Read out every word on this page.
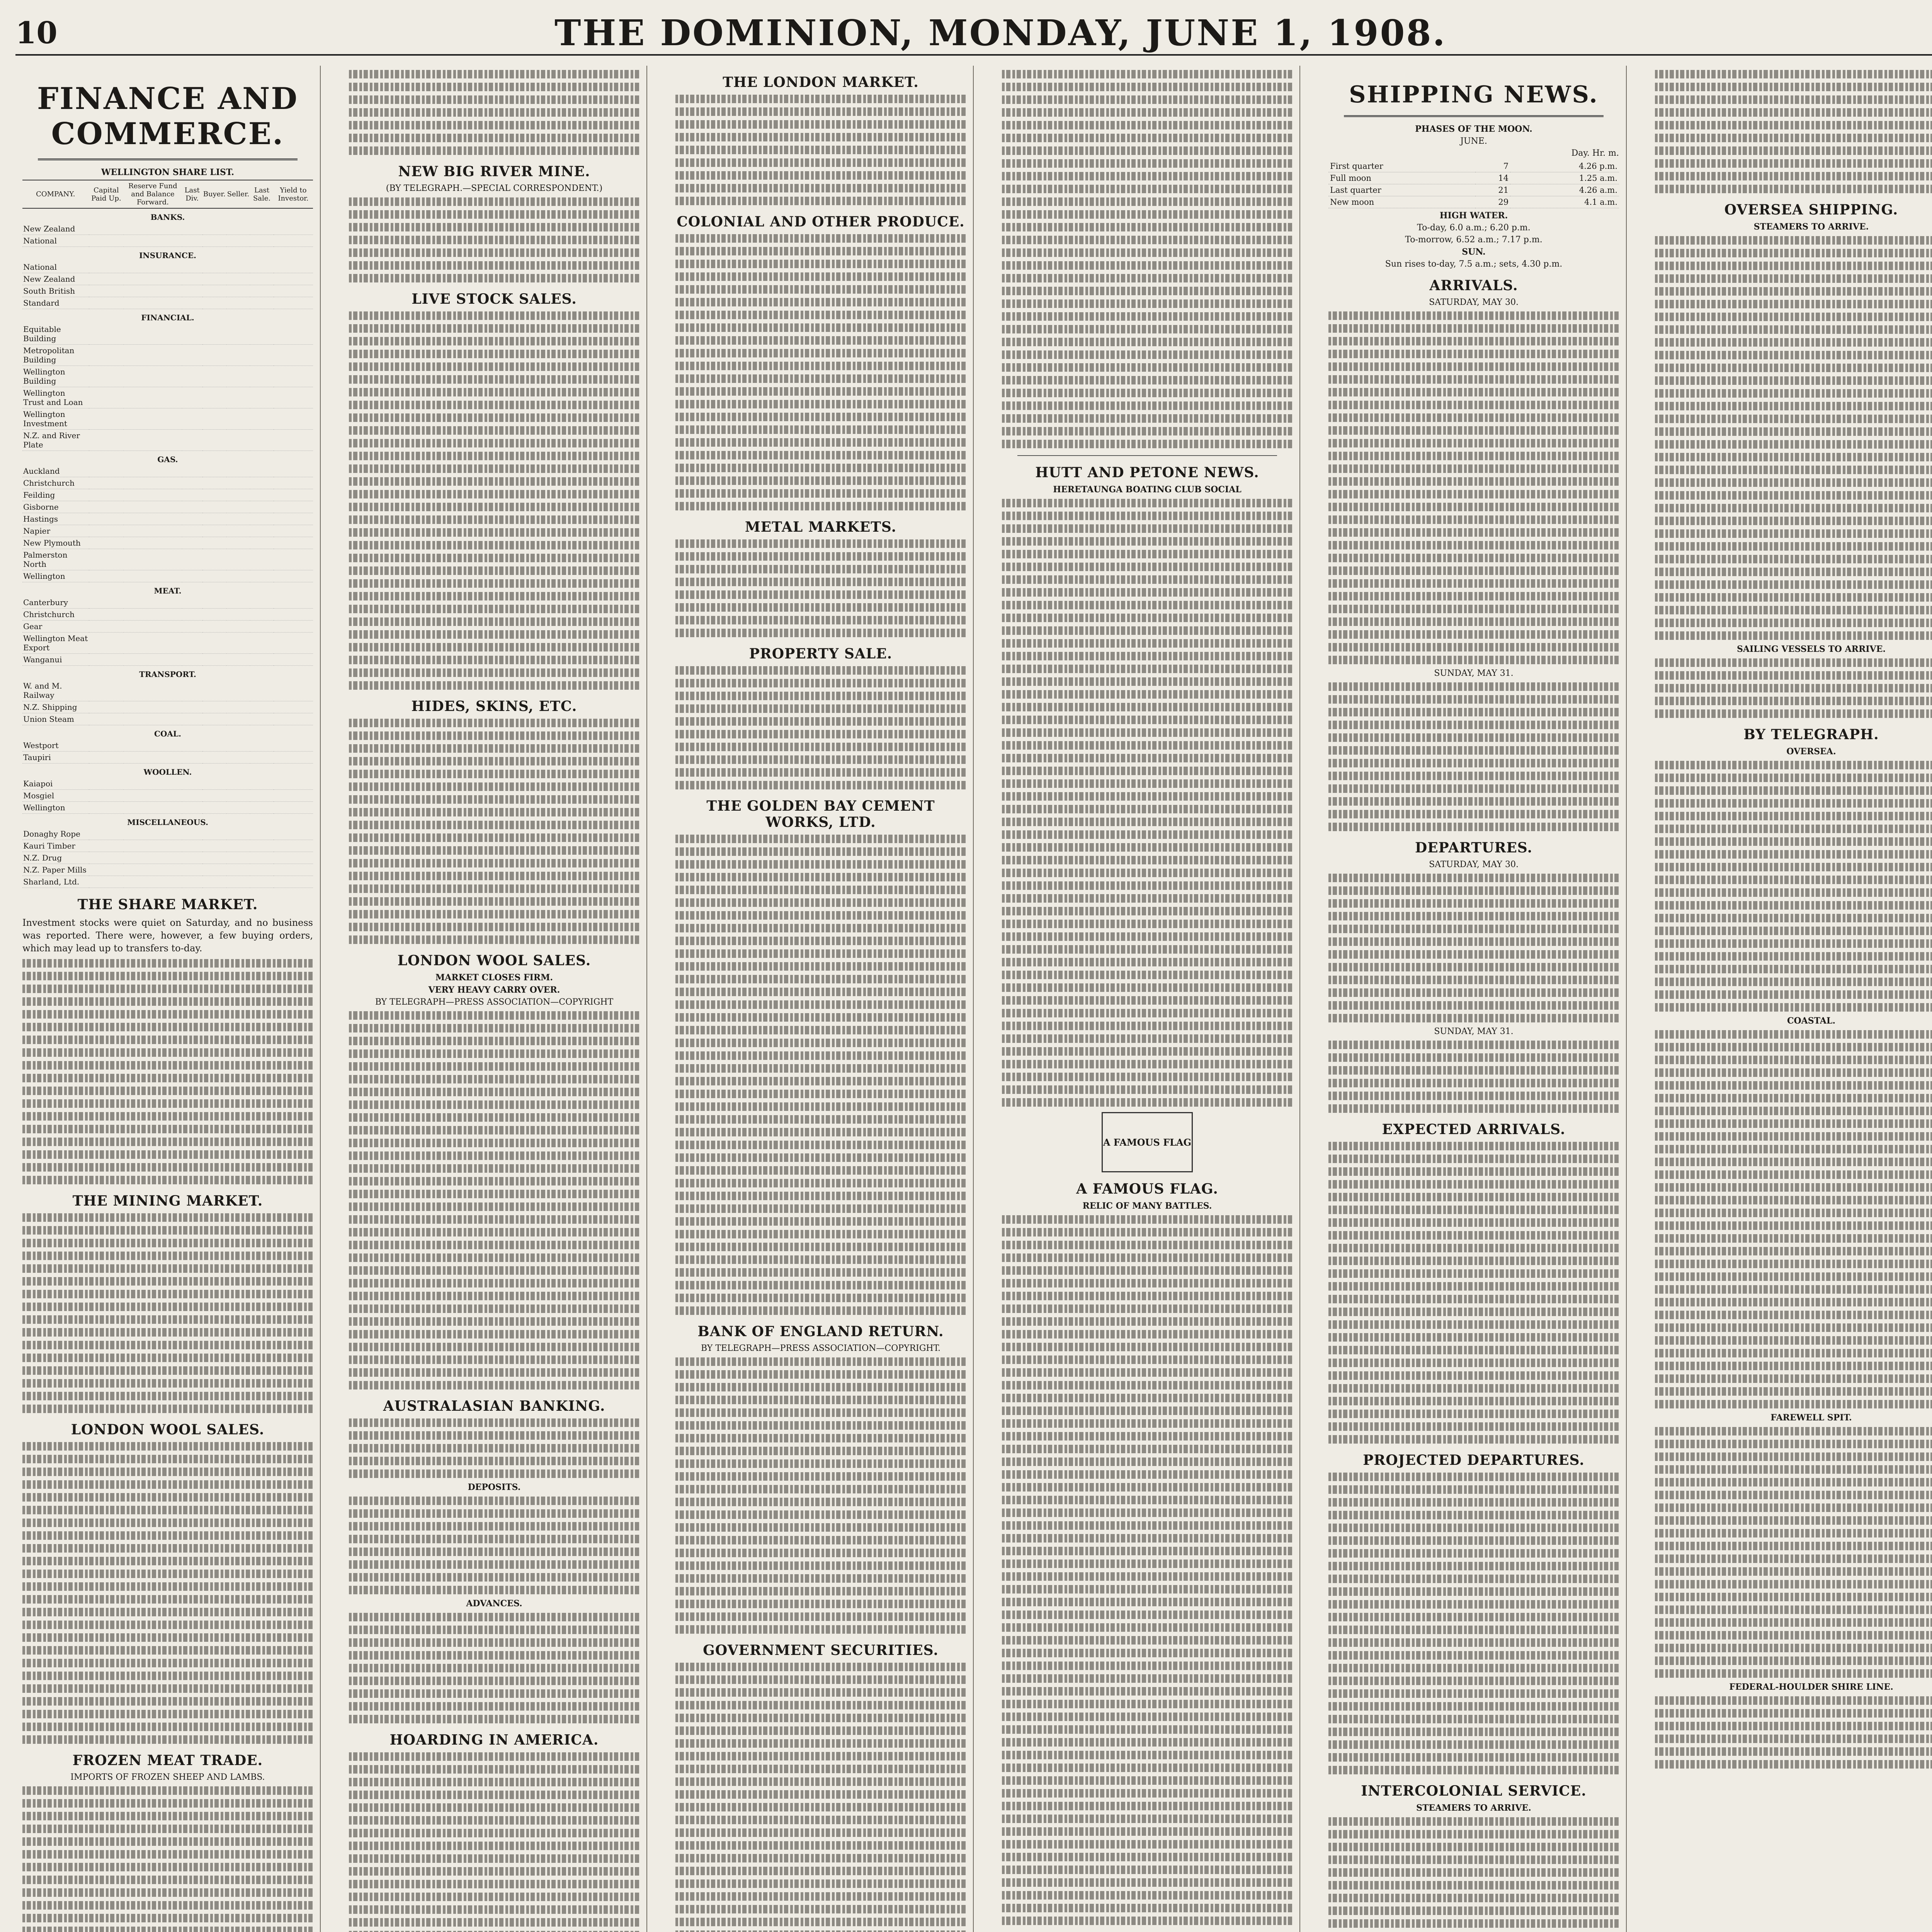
10	THE DOMINION, MONDAY, JUNE 1, 1908.
FINANCE AND COMMERCE.
WELLINGTON SHARE LIST.
COMPANY.	Capital Paid Up.	Reserve Fund and Balance Forward.	Last Div.	Buyer.	Seller.	Last Sale.	Yield to Investor.
BANKS.							
New Zealand							
National							
INSURANCE.							
National							
New Zealand							
South British							
Standard							
FINANCIAL.							
Equitable Building							
Metropolitan Building							
Wellington Building							
Wellington Trust and Loan							
Wellington Investment							
N.Z. and River Plate							
GAS.							
Auckland							
Christchurch							
Feilding							
Gisborne							
Hastings							
Napier							
New Plymouth							
Palmerston North							
Wellington							
MEAT.							
Canterbury							
Christchurch							
Gear							
Wellington Meat Export							
Wanganui							
TRANSPORT.							
W. and M. Railway							
N.Z. Shipping							
Union Steam							
COAL.							
Westport							
Taupiri							
WOOLLEN.							
Kaiapoi							
Mosgiel							
Wellington							
MISCELLANEOUS.							
Donaghy Rope							
Kauri Timber							
N.Z. Drug							
N.Z. Paper Mills							
Sharland, Ltd.							
THE SHARE MARKET.

Investment stocks were quiet on Saturday, and no business was reported. There were, however, a few buying orders, which may lead up to transfers to-day.

THE MINING MARKET.
LONDON WOOL SALES.
FROZEN MEAT TRADE.
IMPORTS OF FROZEN SHEEP AND LAMBS.
NEW BIG RIVER MINE.
(BY TELEGRAPH.—SPECIAL CORRESPONDENT.)
LIVE STOCK SALES.
HIDES, SKINS, ETC.
LONDON WOOL SALES.
MARKET CLOSES FIRM.
VERY HEAVY CARRY OVER.
BY TELEGRAPH—PRESS ASSOCIATION—COPYRIGHT
AUSTRALASIAN BANKING.
DEPOSITS.
ADVANCES.
HOARDING IN AMERICA.
THE LONDON MARKET.
COLONIAL AND OTHER PRODUCE.
METAL MARKETS.
PROPERTY SALE.
THE GOLDEN BAY CEMENT WORKS, LTD.
BANK OF ENGLAND RETURN.
BY TELEGRAPH—PRESS ASSOCIATION—COPYRIGHT.
GOVERNMENT SECURITIES.
HUTT AND PETONE NEWS.
HERETAUNGA BOATING CLUB SOCIAL
A FAMOUS FLAG
A FAMOUS FLAG.
RELIC OF MANY BATTLES.
SHIPPING NEWS.
PHASES OF THE MOON.
JUNE.
Day. Hr. m.
First quarter	7	4.26 p.m.
Full moon	14	1.25 a.m.
Last quarter	21	4.26 a.m.
New moon	29	4.1 a.m.
HIGH WATER.
To-day, 6.0 a.m.; 6.20 p.m.
To-morrow, 6.52 a.m.; 7.17 p.m.
SUN.
Sun rises to-day, 7.5 a.m.; sets, 4.30 p.m.
ARRIVALS.
SATURDAY, MAY 30.
SUNDAY, MAY 31.
DEPARTURES.
SATURDAY, MAY 30.
SUNDAY, MAY 31.
EXPECTED ARRIVALS.
PROJECTED DEPARTURES.
INTERCOLONIAL SERVICE.
STEAMERS TO ARRIVE.
OVERSEA SHIPPING.
STEAMERS TO ARRIVE.
SAILING VESSELS TO ARRIVE.
BY TELEGRAPH.
OVERSEA.
COASTAL.
FAREWELL SPIT.
FEDERAL-HOULDER SHIRE LINE.
